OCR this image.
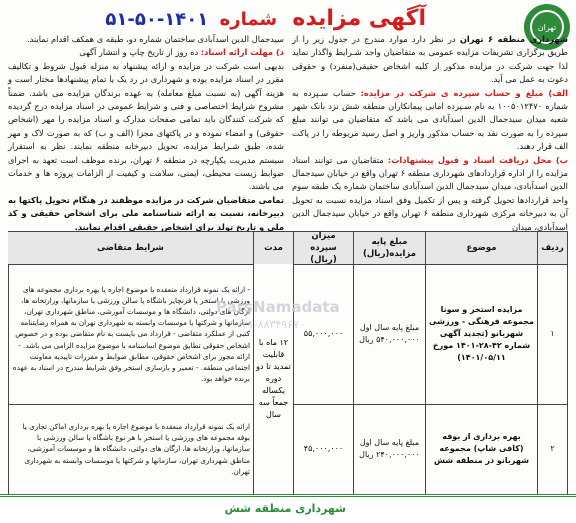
تهران
آگهی مزایده شماره ۵۱-۵۰-۱۴۰۱

شهرداری منطقه ۶ تهران در نظر دارد موارد مندرج در جدول زیر را از طریق برگزاری تشریفات مزایده عمومی به متقاضیان واجد شـرایط واگذار نماید لذا جهت شرکت در مزایده مذکور از کلیه اشخاص حقیقی(منفرد) و حقوقی دعوت به عمل می آید.

الف) مبلغ و حساب سپرده ی شرکت در مزایده: حساب سـپرده به شماره ۱۰۰۵۰۱۲۴۷۰ به نام سـپرده امانی پیمانکاران منطقه شش نزد بانک شهر شعبه میدان سیدجمال الدین اسدآبادی می باشد که متقاضیان می توانند مبلغ سپرده را به صورت نقد به حساب مذکور واریز و اصل رسید مربوطه را در پاکت الف قرار دهند.

ب) محل دریافت اسناد و قبول پیشنهادات: متقاضیان می توانند اسناد مزایده را از اداره قراردادهای شهرداری منطقه ۶ تهران واقع در خیابان سیدجمال الدین اسدآبادی، میدان سیدجمال الدین اسدآبادی ساختمان شماره یک طبقه سوم واحد قراردادها تحویل گرفته و پس از تکمیل وفق اسناد مزایده نسبت به تحویل آن به دبیرخانه مرکزی شهرداری منطقه ۶ تهران واقع در خیابان سیدجمال الدین اسدآبادی، میدان

سیدجمال الدین اسدآبادی ساختمان شماره دو، طبقه ی همکف اقدام نمایند.

د) مهلت ارائه اسناد: ده روز از تاریخ چاپ و انتشار آگهی

بدیهی است شرکت در مزایده و ارائه پیشنهاد به منزله قبول شروط و تکالیف مقرر در اسناد مزایده بوده و شهرداری در رد یک یا تمام پیشنهادها مختار است و هزینه آگهی (به نسبت مبلغ معامله) به عهده برندگان مزایده می باشد. ضمناً مشروح شرایط اختصاصی و فنی و شرایط عمومی در اسناد مزایده درج گردیده که شرکت کنندگان باید تمامی صفحات مدارک و اسناد مزایده را مهر (اشخاص حقوقی) و امضاء نموده و در پاکتهای مجزا (الف و ب) که به صورت لاک و مهر شده، طبق شـرایط مزایده، تحویل دبیرخانه منطقه نمایند. نظر به استقرار سیستم مدیریت یکپارچه در منطقه ۶ تهران، برنده موظف است تعهد به اجرای ضوابط زیست محیطی، ایمنی، سلامت و کیفیت از الزامات پروژه ها و خدمات می باشند.

تمامی متقاضیان شرکت در مزایده موظفند در هنگام تحویل پاکتها به دبیرخانه، نسبت به ارائه شناسنامه ملی برای اشخاص حقیقی و کد ملی و تاریخ تولد برای اشخاص حقیقی اقدام نمایند.

ردیف
موضوع
مبلغ پایه مزایده(ریال)
میزان سپرده (ریال)
مدت
شرایط متقاضی
۱
مزایده استخر و سونا مجموعه فرهنگی - ورزشی شهربانو (تجدید آگهی شماره ۴۲-۲۸-۱۴۰۱ مورخ ۱۴۰۱/۰۵/۱۱)
مبلغ پایه سال اول ۵۴۰,۰۰۰,۰۰۰ ریال
۵۵,۰۰۰,۰۰۰
- ارائه یک نمونه قرارداد منعقده با موضوع اجاره یا بهره برداری مجموعه های ورزشی یا استخر یا فرنچایز باشگاه یا سالن ورزشی با سازمانها، وزارتخانه ها، ارگان های دولتی، دانشگاه ها و موسسات آموزشی، مناطق شهرداری تهران، سازمانها و شرکتها یا موسسات وابسته به شهرداری تهران به همراه رضایتنامه کتبی از عملکرد متقاضی - قرارداد می بایست به نام متقاضی بوده و در خصوص اشخاص حقوقی تطابق موضوع اساسنامه با موضوع مزایده الزامی می باشد. - ارائه مجوز برای اشخاص حقوقی، مطابق ضوابط و مقررات تاییدیه معاونت اجتماعی منطقه. - تعمیر و بازسازی استخر وفق شرایط مندرج در اسناد به عهده برنده خواهد بود.
۲
بهره برداری از بوفه (کافی شاپ) مجموعه شهربانو در منطقه شش
مبلغ پایه سال اول ۲۴۰,۰۰۰,۰۰۰ ریال
۴۵,۰۰۰,۰۰۰
ارائه یک نمونه قرارداد منعقده با موضوع اجاره یا بهره برداری اماکن تجاری یا بوفه مجموعه های ورزشی یا استخر با هر نوع باشگاه یا سالن ورزشی با سازمانها، وزارتخانه ها، ارگان های دولتی، دانشگاه ها و موسسات آموزشی، مناطق شهرداری تهران، سازمانها و شرکتها یا موسسات وابسته به شهرداری تهران.
۱۲ ماه با قابلیت تمدید تا دو دوره یکساله جمعاً سه سال
ParsNamadata
۰۲۱-۸۸۳۴۹۶۷۰
شهرداری منطقه شش
